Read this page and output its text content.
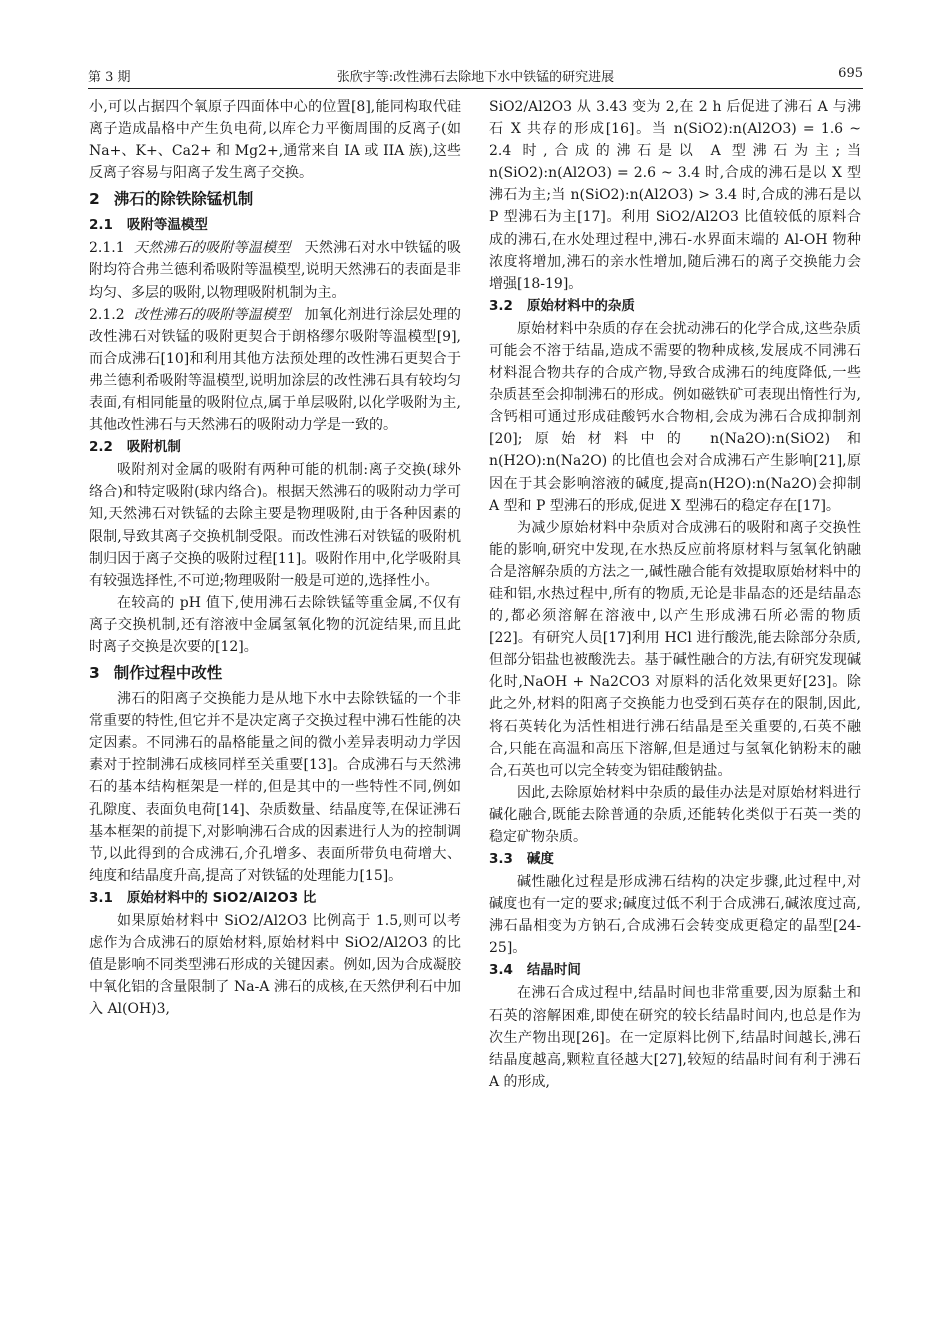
第 3 期	张欣宇等:改性沸石去除地下水中铁锰的研究进展	695

小,可以占据四个氧原子四面体中心的位置[8],能同构取代硅离子造成晶格中产生负电荷,以库仑力平衡周围的反离子(如 Na+、K+、Ca2+ 和 Mg2+,通常来自 IA 或 IIA 族),这些反离子容易与阳离子发生离子交换。

2 沸石的除铁除锰机制
2.1 吸附等温模型

2.1.1 天然沸石的吸附等温模型 天然沸石对水中铁锰的吸附均符合弗兰德利希吸附等温模型,说明天然沸石的表面是非均匀、多层的吸附,以物理吸附机制为主。

2.1.2 改性沸石的吸附等温模型 加氧化剂进行涂层处理的改性沸石对铁锰的吸附更契合于朗格缪尔吸附等温模型[9],而合成沸石[10]和利用其他方法预处理的改性沸石更契合于弗兰德利希吸附等温模型,说明加涂层的改性沸石具有较均匀表面,有相同能量的吸附位点,属于单层吸附,以化学吸附为主,其他改性沸石与天然沸石的吸附动力学是一致的。

2.2 吸附机制

吸附剂对金属的吸附有两种可能的机制:离子交换(球外络合)和特定吸附(球内络合)。根据天然沸石的吸附动力学可知,天然沸石对铁锰的去除主要是物理吸附,由于各种因素的限制,导致其离子交换机制受限。而改性沸石对铁锰的吸附机制归因于离子交换的吸附过程[11]。吸附作用中,化学吸附具有较强选择性,不可逆;物理吸附一般是可逆的,选择性小。

在较高的 pH 值下,使用沸石去除铁锰等重金属,不仅有离子交换机制,还有溶液中金属氢氧化物的沉淀结果,而且此时离子交换是次要的[12]。

3 制作过程中改性

沸石的阳离子交换能力是从地下水中去除铁锰的一个非常重要的特性,但它并不是决定离子交换过程中沸石性能的决定因素。不同沸石的晶格能量之间的微小差异表明动力学因素对于控制沸石成核同样至关重要[13]。合成沸石与天然沸石的基本结构框架是一样的,但是其中的一些特性不同,例如孔隙度、表面负电荷[14]、杂质数量、结晶度等,在保证沸石基本框架的前提下,对影响沸石合成的因素进行人为的控制调节,以此得到的合成沸石,介孔增多、表面所带负电荷增大、纯度和结晶度升高,提高了对铁锰的处理能力[15]。

3.1 原始材料中的 SiO2/Al2O3 比

如果原始材料中 SiO2/Al2O3 比例高于 1.5,则可以考虑作为合成沸石的原始材料,原始材料中 SiO2/Al2O3 的比值是影响不同类型沸石形成的关键因素。例如,因为合成凝胶中氧化铝的含量限制了 Na-A 沸石的成核,在天然伊利石中加入 Al(OH)3,

SiO2/Al2O3 从 3.43 变为 2,在 2 h 后促进了沸石 A 与沸石 X 共存的形成[16]。当 n(SiO2):n(Al2O3) = 1.6 ~ 2.4 时,合成的沸石是以 A 型沸石为主;当 n(SiO2):n(Al2O3) = 2.6 ~ 3.4 时,合成的沸石是以 X 型沸石为主;当 n(SiO2):n(Al2O3) > 3.4 时,合成的沸石是以 P 型沸石为主[17]。利用 SiO2/Al2O3 比值较低的原料合成的沸石,在水处理过程中,沸石-水界面末端的 Al-OH 物种浓度将增加,沸石的亲水性增加,随后沸石的离子交换能力会增强[18-19]。

3.2 原始材料中的杂质

原始材料中杂质的存在会扰动沸石的化学合成,这些杂质可能会不溶于结晶,造成不需要的物种成核,发展成不同沸石材料混合物共存的合成产物,导致合成沸石的纯度降低,一些杂质甚至会抑制沸石的形成。例如磁铁矿可表现出惰性行为,含钙相可通过形成硅酸钙水合物相,会成为沸石合成抑制剂[20];原始材料中的 n(Na2O):n(SiO2) 和 n(H2O):n(Na2O) 的比值也会对合成沸石产生影响[21],原因在于其会影响溶液的碱度,提高n(H2O):n(Na2O)会抑制 A 型和 P 型沸石的形成,促进 X 型沸石的稳定存在[17]。

为减少原始材料中杂质对合成沸石的吸附和离子交换性能的影响,研究中发现,在水热反应前将原材料与氢氧化钠融合是溶解杂质的方法之一,碱性融合能有效提取原始材料中的硅和铝,水热过程中,所有的物质,无论是非晶态的还是结晶态的,都必须溶解在溶液中,以产生形成沸石所必需的物质[22]。有研究人员[17]利用 HCl 进行酸洗,能去除部分杂质,但部分铝盐也被酸洗去。基于碱性融合的方法,有研究发现碱化时,NaOH + Na2CO3 对原料的活化效果更好[23]。除此之外,材料的阳离子交换能力也受到石英存在的限制,因此,将石英转化为活性相进行沸石结晶是至关重要的,石英不融合,只能在高温和高压下溶解,但是通过与氢氧化钠粉末的融合,石英也可以完全转变为铝硅酸钠盐。

因此,去除原始材料中杂质的最佳办法是对原始材料进行碱化融合,既能去除普通的杂质,还能转化类似于石英一类的稳定矿物杂质。

3.3 碱度

碱性融化过程是形成沸石结构的决定步骤,此过程中,对碱度也有一定的要求;碱度过低不利于合成沸石,碱浓度过高,沸石晶相变为方钠石,合成沸石会转变成更稳定的晶型[24-25]。

3.4 结晶时间

在沸石合成过程中,结晶时间也非常重要,因为原黏土和石英的溶解困难,即使在研究的较长结晶时间内,也总是作为次生产物出现[26]。在一定原料比例下,结晶时间越长,沸石结晶度越高,颗粒直径越大[27],较短的结晶时间有利于沸石 A 的形成,
